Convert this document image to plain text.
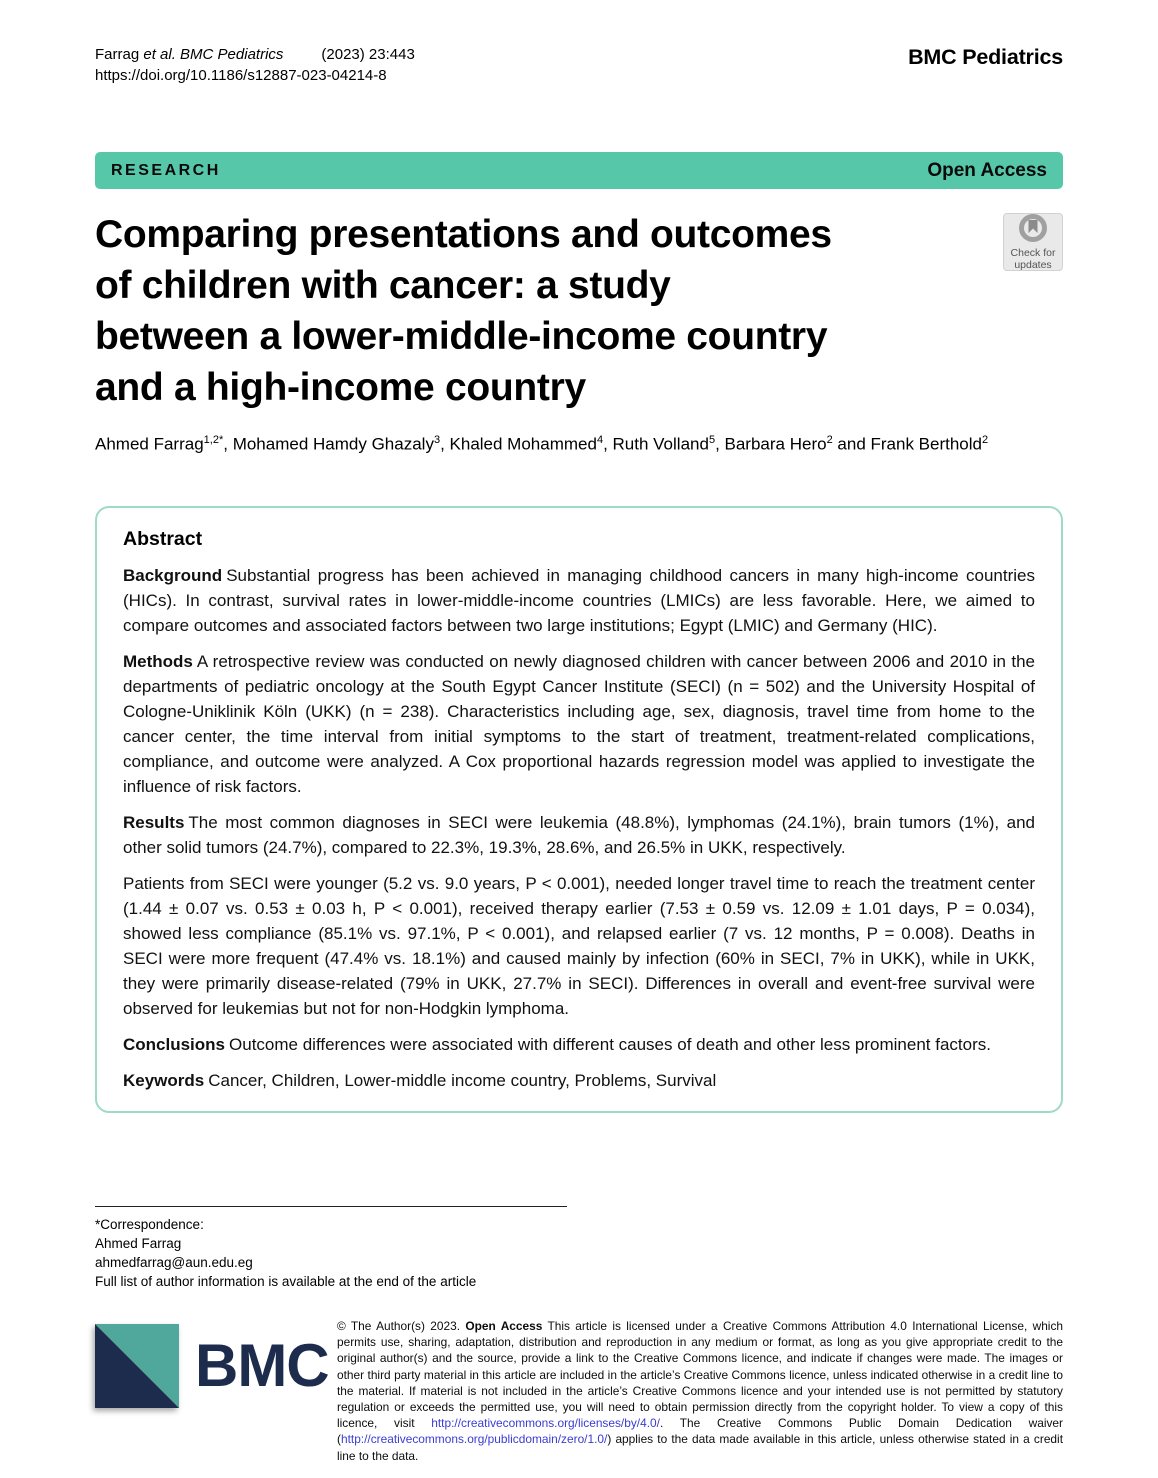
Farrag et al. BMC Pediatrics	(2023) 23:443
https://doi.org/10.1186/s12887-023-04214-8
BMC Pediatrics
RESEARCH	Open Access
Comparing presentations and outcomes
of children with cancer: a study
between a lower-middle-income country
and a high-income country
Check for
updates
Ahmed Farrag$^{1,2*}$, Mohamed Hamdy Ghazaly$^3$, Khaled Mohammed$^4$, Ruth Volland$^5$, Barbara Hero$^2$ and Frank Berthold$^2$
Abstract

Background Substantial progress has been achieved in managing childhood cancers in many high-income countries (HICs). In contrast, survival rates in lower-middle-income countries (LMICs) are less favorable. Here, we aimed to compare outcomes and associated factors between two large institutions; Egypt (LMIC) and Germany (HIC).

Methods A retrospective review was conducted on newly diagnosed children with cancer between 2006 and 2010 in the departments of pediatric oncology at the South Egypt Cancer Institute (SECI) (n = 502) and the University Hospital of Cologne-Uniklinik Köln (UKK) (n = 238). Characteristics including age, sex, diagnosis, travel time from home to the cancer center, the time interval from initial symptoms to the start of treatment, treatment-related complications, compliance, and outcome were analyzed. A Cox proportional hazards regression model was applied to investigate the influence of risk factors.

Results The most common diagnoses in SECI were leukemia (48.8%), lymphomas (24.1%), brain tumors (1%), and other solid tumors (24.7%), compared to 22.3%, 19.3%, 28.6%, and 26.5% in UKK, respectively.

Patients from SECI were younger (5.2 vs. 9.0 years, P < 0.001), needed longer travel time to reach the treatment center (1.44 ± 0.07 vs. 0.53 ± 0.03 h, P < 0.001), received therapy earlier (7.53 ± 0.59 vs. 12.09 ± 1.01 days, P = 0.034), showed less compliance (85.1% vs. 97.1%, P < 0.001), and relapsed earlier (7 vs. 12 months, P = 0.008). Deaths in SECI were more frequent (47.4% vs. 18.1%) and caused mainly by infection (60% in SECI, 7% in UKK), while in UKK, they were primarily disease-related (79% in UKK, 27.7% in SECI). Differences in overall and event-free survival were observed for leukemias but not for non-Hodgkin lymphoma.

Conclusions Outcome differences were associated with different causes of death and other less prominent factors.

Keywords Cancer, Children, Lower-middle income country, Problems, Survival

*Correspondence:
Ahmed Farrag
ahmedfarrag@aun.edu.eg
Full list of author information is available at the end of the article
BMC
© The Author(s) 2023. Open Access This article is licensed under a Creative Commons Attribution 4.0 International License, which permits use, sharing, adaptation, distribution and reproduction in any medium or format, as long as you give appropriate credit to the original author(s) and the source, provide a link to the Creative Commons licence, and indicate if changes were made. The images or other third party material in this article are included in the article’s Creative Commons licence, unless indicated otherwise in a credit line to the material. If material is not included in the article’s Creative Commons licence and your intended use is not permitted by statutory regulation or exceeds the permitted use, you will need to obtain permission directly from the copyright holder. To view a copy of this licence, visit http://creativecommons.org/licenses/by/4.0/. The Creative Commons Public Domain Dedication waiver (http://creativecommons.org/publicdomain/zero/1.0/) applies to the data made available in this article, unless otherwise stated in a credit line to the data.
